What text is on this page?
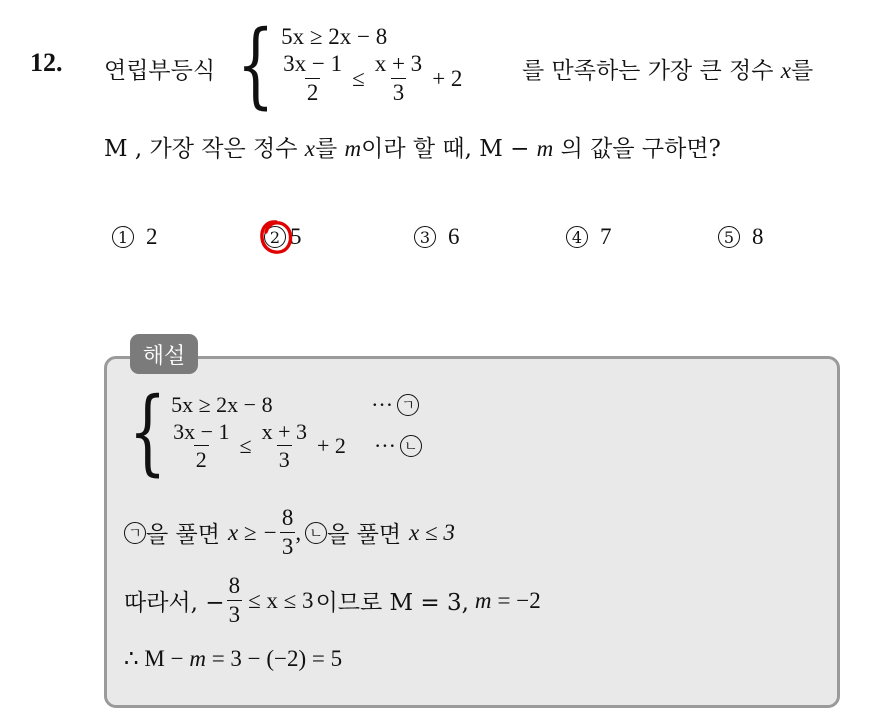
12. 연립부등식 { 5x ≥ 2x − 8
$\frac{3x - 1}{2} \le \frac{x + 3}{3} + 2$	를 만족하는 가장 큰 정수 x를
M , 가장 작은 정수 x를 m이라 할 때, M − m 의 값을 구하면?
1 2	2 5	3 6	4 7	5 8
해설
{ 5x ≥ 2x − 8	··· ㄱ
$\frac{3x - 1}{2} \le \frac{x + 3}{3} + 2$ ··· ㄴ
ㄱ 을 풀면 x ≥ − $\frac{8}{3}$ , ㄴ 을 풀면 x ≤ 3
따라서, − $\frac{8}{3} \le x \le 3$ 이므로 M = 3, m = −2
∴ M − m = 3 − (−2) = 5
